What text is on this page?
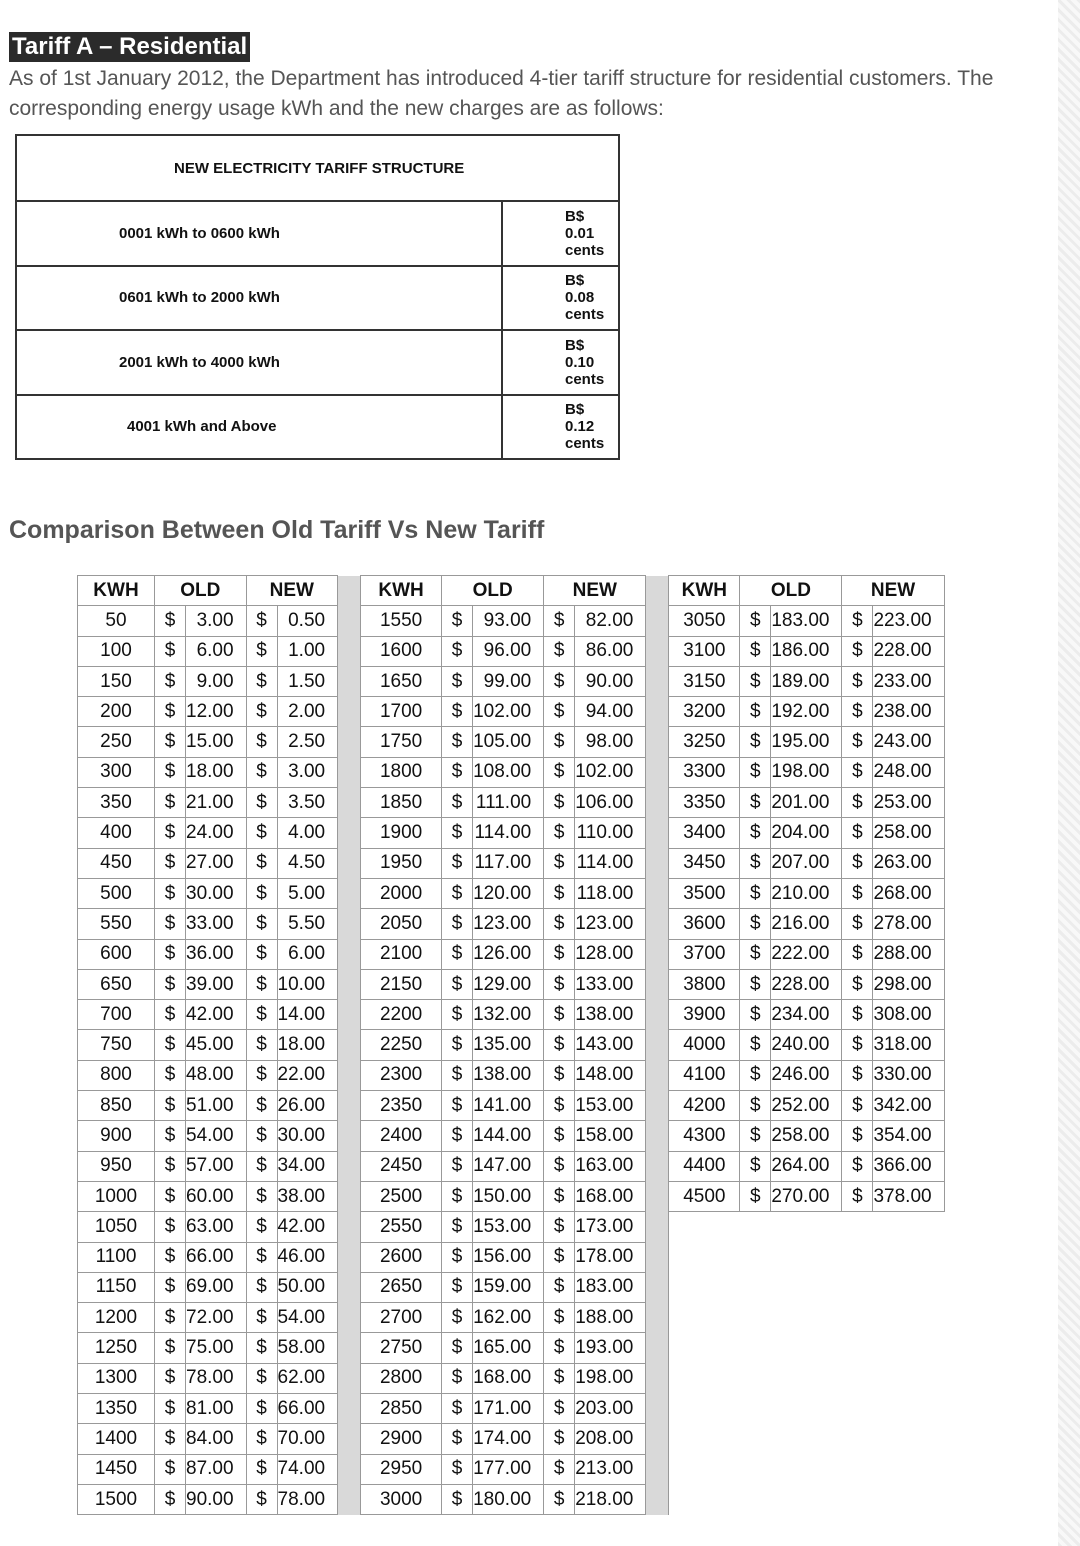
Tariff A – Residential
As of 1st January 2012, the Department has introduced 4-tier tariff structure for residential customers. The corresponding energy usage kWh and the new charges are as follows:
NEW ELECTRICITY TARIFF STRUCTURE	
0001 kWh to 0600 kWh	B$ 0.01 cents
0601 kWh to 2000 kWh	B$ 0.08 cents
2001 kWh to 4000 kWh	B$ 0.10 cents
4001 kWh and Above	B$ 0.12 cents
Comparison Between Old Tariff Vs New Tariff
KWH	OLD		NEW			KWH	OLD		NEW			KWH	OLD		NEW	
50	$	3.00	$	0.50		1550	$	93.00	$	82.00		3050	$	183.00	$	223.00
100	$	6.00	$	1.00		1600	$	96.00	$	86.00		3100	$	186.00	$	228.00
150	$	9.00	$	1.50		1650	$	99.00	$	90.00		3150	$	189.00	$	233.00
200	$	12.00	$	2.00		1700	$	102.00	$	94.00		3200	$	192.00	$	238.00
250	$	15.00	$	2.50		1750	$	105.00	$	98.00		3250	$	195.00	$	243.00
300	$	18.00	$	3.00		1800	$	108.00	$	102.00		3300	$	198.00	$	248.00
350	$	21.00	$	3.50		1850	$	111.00	$	106.00		3350	$	201.00	$	253.00
400	$	24.00	$	4.00		1900	$	114.00	$	110.00		3400	$	204.00	$	258.00
450	$	27.00	$	4.50		1950	$	117.00	$	114.00		3450	$	207.00	$	263.00
500	$	30.00	$	5.00		2000	$	120.00	$	118.00		3500	$	210.00	$	268.00
550	$	33.00	$	5.50		2050	$	123.00	$	123.00		3600	$	216.00	$	278.00
600	$	36.00	$	6.00		2100	$	126.00	$	128.00		3700	$	222.00	$	288.00
650	$	39.00	$	10.00		2150	$	129.00	$	133.00		3800	$	228.00	$	298.00
700	$	42.00	$	14.00		2200	$	132.00	$	138.00		3900	$	234.00	$	308.00
750	$	45.00	$	18.00		2250	$	135.00	$	143.00		4000	$	240.00	$	318.00
800	$	48.00	$	22.00		2300	$	138.00	$	148.00		4100	$	246.00	$	330.00
850	$	51.00	$	26.00		2350	$	141.00	$	153.00		4200	$	252.00	$	342.00
900	$	54.00	$	30.00		2400	$	144.00	$	158.00		4300	$	258.00	$	354.00
950	$	57.00	$	34.00		2450	$	147.00	$	163.00		4400	$	264.00	$	366.00
1000	$	60.00	$	38.00		2500	$	150.00	$	168.00		4500	$	270.00	$	378.00
1050	$	63.00	$	42.00		2550	$	153.00	$	173.00						
1100	$	66.00	$	46.00		2600	$	156.00	$	178.00						
1150	$	69.00	$	50.00		2650	$	159.00	$	183.00						
1200	$	72.00	$	54.00		2700	$	162.00	$	188.00						
1250	$	75.00	$	58.00		2750	$	165.00	$	193.00						
1300	$	78.00	$	62.00		2800	$	168.00	$	198.00						
1350	$	81.00	$	66.00		2850	$	171.00	$	203.00						
1400	$	84.00	$	70.00		2900	$	174.00	$	208.00						
1450	$	87.00	$	74.00		2950	$	177.00	$	213.00						
1500	$	90.00	$	78.00		3000	$	180.00	$	218.00						
